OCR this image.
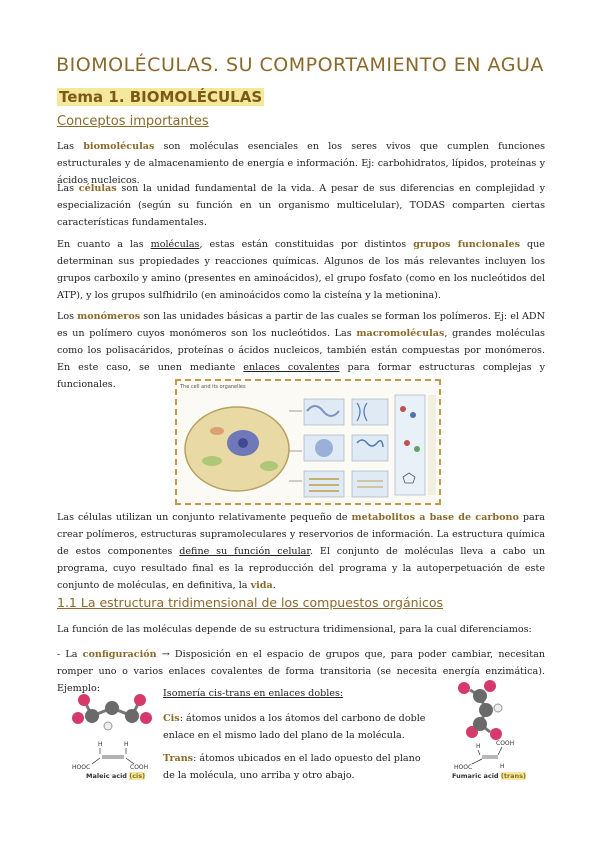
BIOMOLÉCULAS. SU COMPORTAMIENTO EN AGUA
Tema 1. BIOMOLÉCULAS
Conceptos importantes

Las biomoléculas son moléculas esenciales en los seres vivos que cumplen funciones estructurales y de almacenamiento de energía e información. Ej: carbohidratos, lípidos, proteínas y ácidos nucleicos.

Las células son la unidad fundamental de la vida. A pesar de sus diferencias en complejidad y especialización (según su función en un organismo multicelular), TODAS comparten ciertas características fundamentales.

En cuanto a las moléculas, estas están constituidas por distintos grupos funcionales que determinan sus propiedades y reacciones químicas. Algunos de los más relevantes incluyen los grupos carboxilo y amino (presentes en aminoácidos), el grupo fosfato (como en los nucleótidos del ATP), y los grupos sulfhidrilo (en aminoácidos como la cisteína y la metionina).

Los monómeros son las unidades básicas a partir de las cuales se forman los polímeros. Ej: el ADN es un polímero cuyos monómeros son los nucleótidos. Las macromoléculas, grandes moléculas como los polisacáridos, proteínas o ácidos nucleicos, también están compuestas por monómeros. En este caso, se unen mediante enlaces covalentes para formar estructuras complejas y funcionales.	The cell and its organelles

Las células utilizan un conjunto relativamente pequeño de metabolitos a base de carbono para crear polímeros, estructuras supramoleculares y reservorios de información. La estructura química de estos componentes define su función celular. El conjunto de moléculas lleva a cabo un programa, cuyo resultado final es la reproducción del programa y la autoperpetuación de este conjunto de moléculas, en definitiva, la vida.

1.1 La estructura tridimensional de los compuestos orgánicos

La función de las moléculas depende de su estructura tridimensional, para la cual diferenciamos:

- La configuración → Disposición en el espacio de grupos que, para poder cambiar, necesitan romper uno o varios enlaces covalentes de forma transitoria (se necesita energía enzimática). Ejemplo:	Isomería cis-trans en enlaces dobles:

Cis: átomos unidos a los átomos del carbono de doble enlace en el mismo lado del plano de la molécula.

Trans: átomos ubicados en el lado opuesto del plano de la molécula, uno arriba y otro abajo.

H	H
HOOC	COOH
Maleic acid (cis)
COOH
H
HOOC	H
Fumaric acid (trans)
